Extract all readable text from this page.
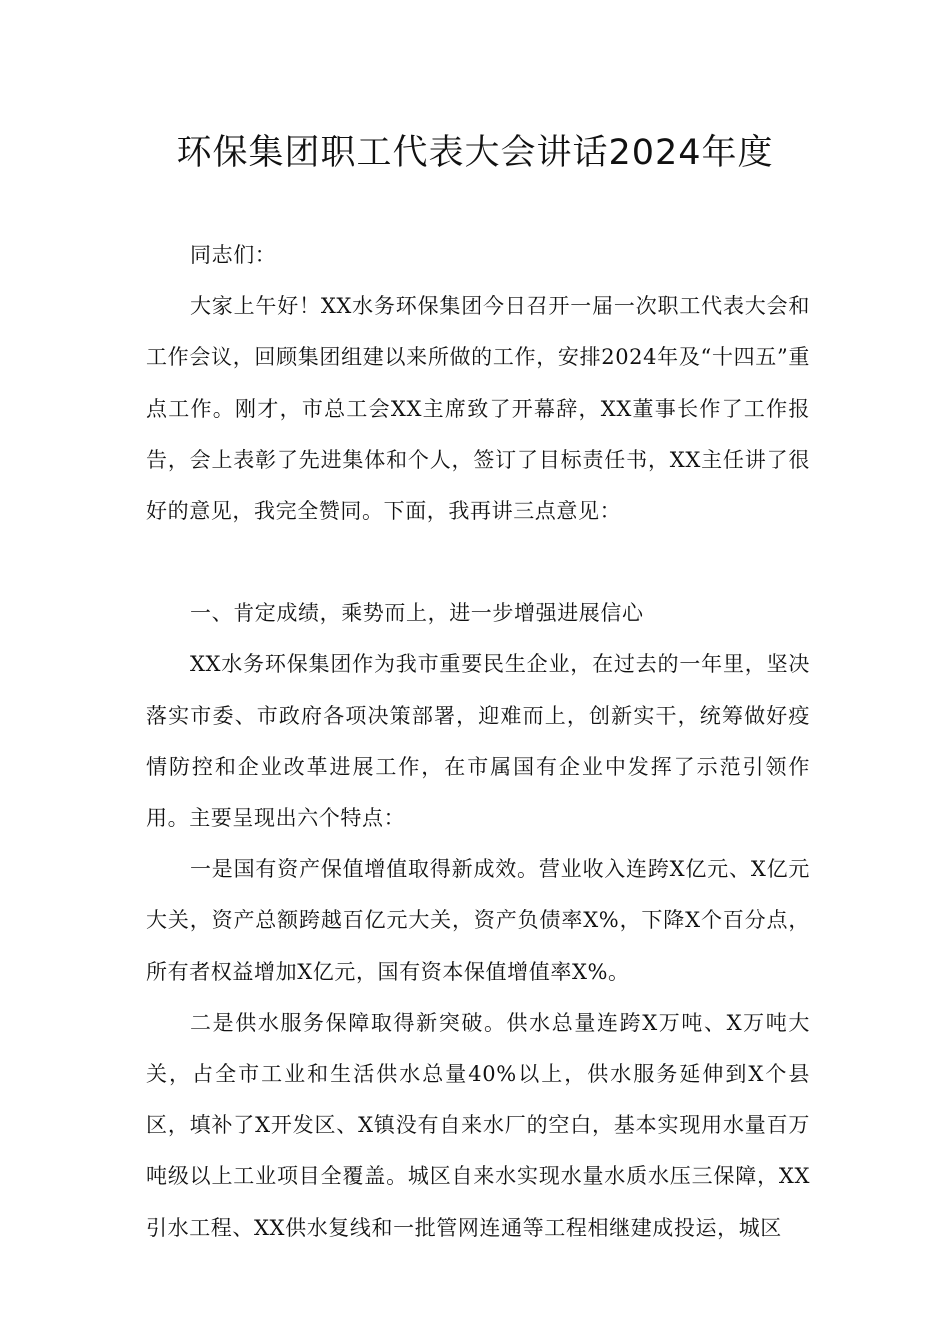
环保集团职工代表大会讲话2024年度

同志们：

大家上午好！XX水务环保集团今日召开一届一次职工代表大会和工作会议，回顾集团组建以来所做的工作，安排2024年及“十四五”重点工作。刚才，市总工会XX主席致了开幕辞，XX董事长作了工作报告，会上表彰了先进集体和个人，签订了目标责任书，XX主任讲了很好的意见，我完全赞同。下面，我再讲三点意见：

一、肯定成绩，乘势而上，进一步增强进展信心

XX水务环保集团作为我市重要民生企业，在过去的一年里，坚决落实市委、市政府各项决策部署，迎难而上，创新实干，统筹做好疫情防控和企业改革进展工作，在市属国有企业中发挥了示范引领作用。主要呈现出六个特点：

一是国有资产保值增值取得新成效。营业收入连跨X亿元、X亿元大关，资产总额跨越百亿元大关，资产负债率X%，下降X个百分点，所有者权益增加X亿元，国有资本保值增值率X%。

二是供水服务保障取得新突破。供水总量连跨X万吨、X万吨大关，占全市工业和生活供水总量40%以上，供水服务延伸到X个县区，填补了X开发区、X镇没有自来水厂的空白，基本实现用水量百万吨级以上工业项目全覆盖。城区自来水实现水量水质水压三保障，XX引水工程、XX供水复线和一批管网连通等工程相继建成投运，城区
